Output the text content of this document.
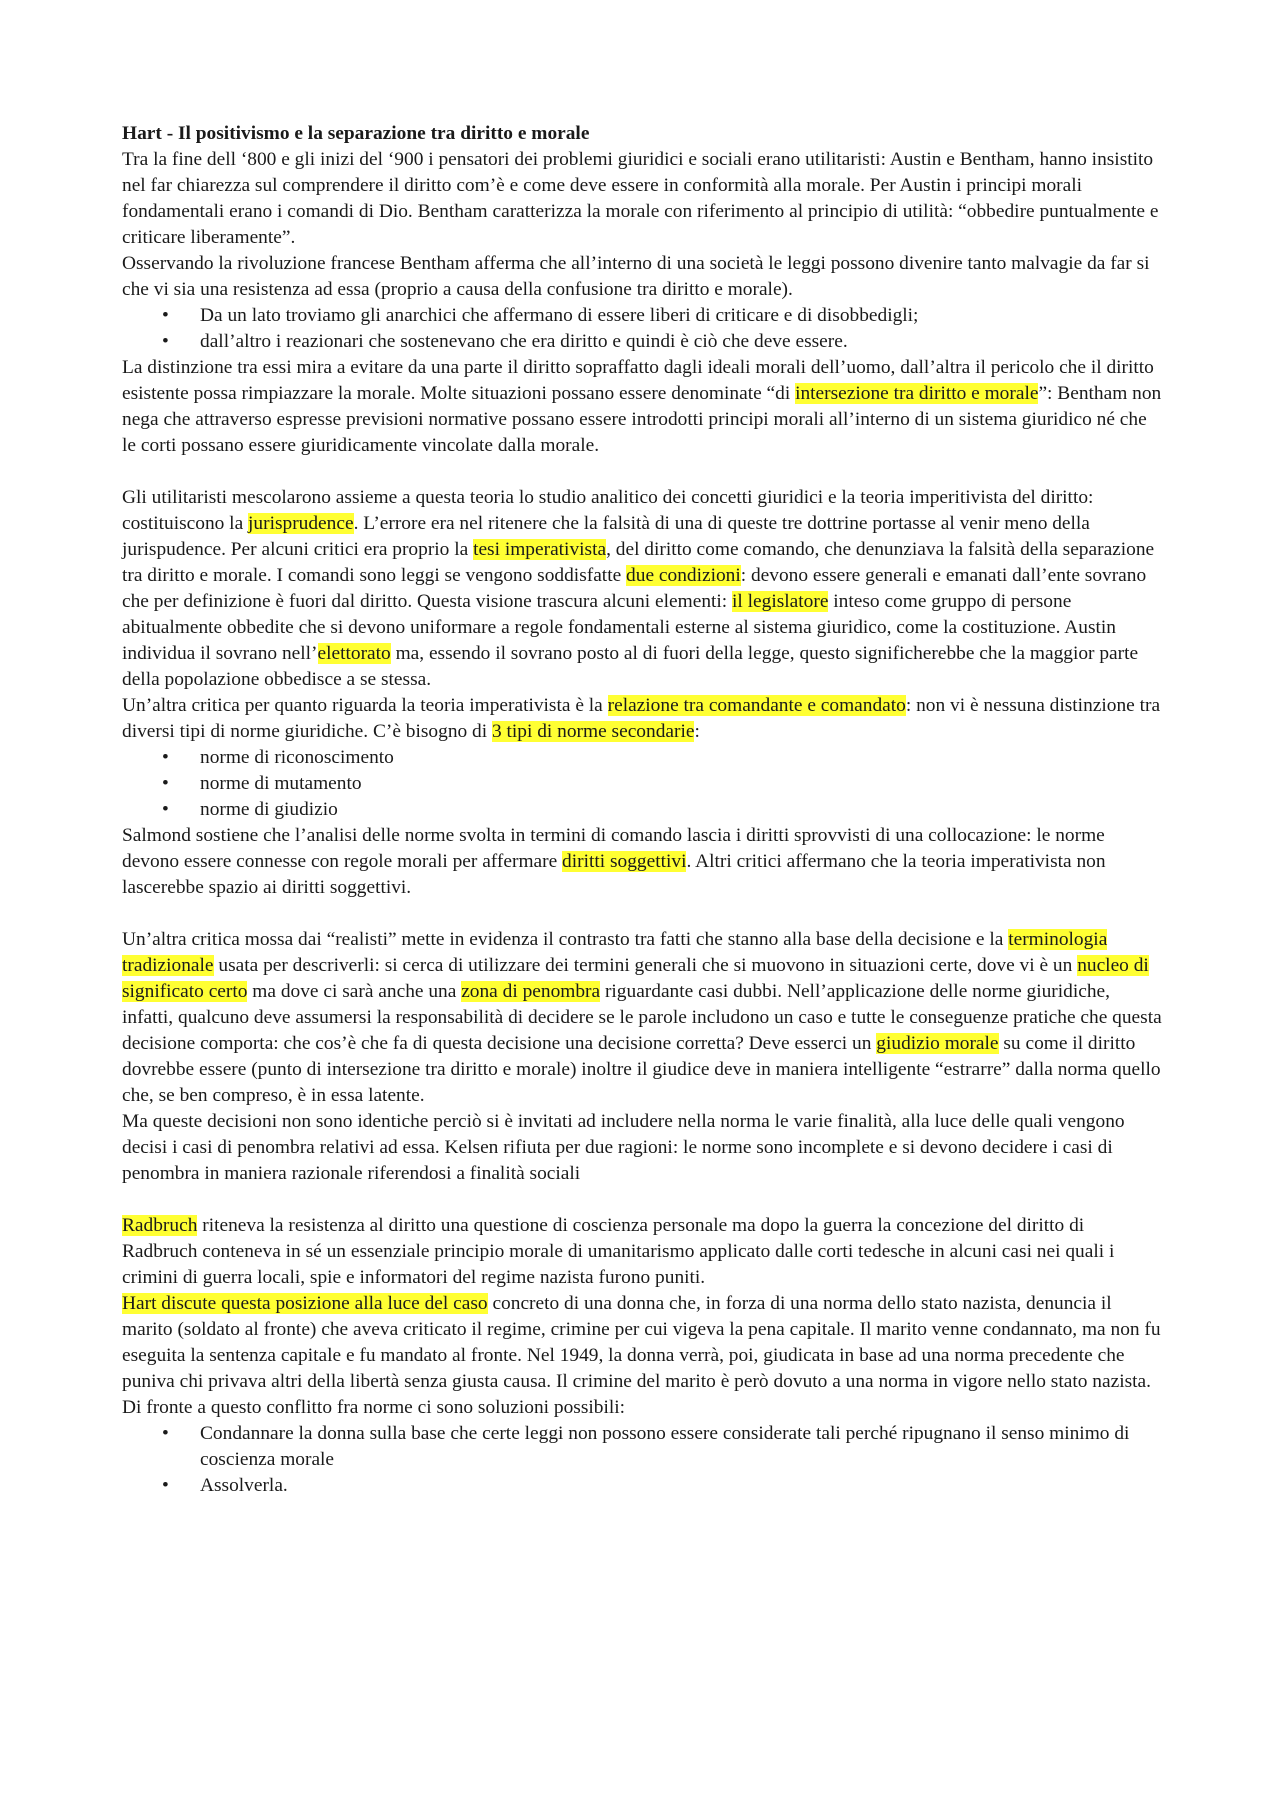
Hart - Il positivismo e la separazione tra diritto e morale

Tra la fine dell ‘800 e gli inizi del ‘900 i pensatori dei problemi giuridici e sociali erano utilitaristi: Austin e Bentham, hanno insistito nel far chiarezza sul comprendere il diritto com’è e come deve essere in conformità alla morale. Per Austin i principi morali fondamentali erano i comandi di Dio. Bentham caratterizza la morale con riferimento al principio di utilità: “obbedire puntualmente e criticare liberamente”.

Osservando la rivoluzione francese Bentham afferma che all’interno di una società le leggi possono divenire tanto malvagie da far si che vi sia una resistenza ad essa (proprio a causa della confusione tra diritto e morale).

• Da un lato troviamo gli anarchici che affermano di essere liberi di criticare e di disobbedigli;
• dall’altro i reazionari che sostenevano che era diritto e quindi è ciò che deve essere.

La distinzione tra essi mira a evitare da una parte il diritto sopraffatto dagli ideali morali dell’uomo, dall’altra il pericolo che il diritto esistente possa rimpiazzare la morale. Molte situazioni possano essere denominate “di intersezione tra diritto e morale”: Bentham non nega che attraverso espresse previsioni normative possano essere introdotti principi morali all’interno di un sistema giuridico né che le corti possano essere giuridicamente vincolate dalla morale.

Gli utilitaristi mescolarono assieme a questa teoria lo studio analitico dei concetti giuridici e la teoria imperitivista del diritto: costituiscono la jurisprudence. L’errore era nel ritenere che la falsità di una di queste tre dottrine portasse al venir meno della jurispudence. Per alcuni critici era proprio la tesi imperativista, del diritto come comando, che denunziava la falsità della separazione tra diritto e morale. I comandi sono leggi se vengono soddisfatte due condizioni: devono essere generali e emanati dall’ente sovrano che per definizione è fuori dal diritto. Questa visione trascura alcuni elementi: il legislatore inteso come gruppo di persone abitualmente obbedite che si devono uniformare a regole fondamentali esterne al sistema giuridico, come la costituzione. Austin individua il sovrano nell’elettorato ma, essendo il sovrano posto al di fuori della legge, questo significherebbe che la maggior parte della popolazione obbedisce a se stessa.

Un’altra critica per quanto riguarda la teoria imperativista è la relazione tra comandante e comandato: non vi è nessuna distinzione tra diversi tipi di norme giuridiche. C’è bisogno di 3 tipi di norme secondarie:

• norme di riconoscimento
• norme di mutamento
• norme di giudizio

Salmond sostiene che l’analisi delle norme svolta in termini di comando lascia i diritti sprovvisti di una collocazione: le norme devono essere connesse con regole morali per affermare diritti soggettivi. Altri critici affermano che la teoria imperativista non lascerebbe spazio ai diritti soggettivi.

Un’altra critica mossa dai “realisti” mette in evidenza il contrasto tra fatti che stanno alla base della decisione e la terminologia tradizionale usata per descriverli: si cerca di utilizzare dei termini generali che si muovono in situazioni certe, dove vi è un nucleo di significato certo ma dove ci sarà anche una zona di penombra riguardante casi dubbi. Nell’applicazione delle norme giuridiche, infatti, qualcuno deve assumersi la responsabilità di decidere se le parole includono un caso e tutte le conseguenze pratiche che questa decisione comporta: che cos’è che fa di questa decisione una decisione corretta? Deve esserci un giudizio morale su come il diritto dovrebbe essere (punto di intersezione tra diritto e morale) inoltre il giudice deve in maniera intelligente “estrarre” dalla norma quello che, se ben compreso, è in essa latente.

Ma queste decisioni non sono identiche perciò si è invitati ad includere nella norma le varie finalità, alla luce delle quali vengono decisi i casi di penombra relativi ad essa. Kelsen rifiuta per due ragioni: le norme sono incomplete e si devono decidere i casi di penombra in maniera razionale riferendosi a finalità sociali

Radbruch riteneva la resistenza al diritto una questione di coscienza personale ma dopo la guerra la concezione del diritto di Radbruch conteneva in sé un essenziale principio morale di umanitarismo applicato dalle corti tedesche in alcuni casi nei quali i crimini di guerra locali, spie e informatori del regime nazista furono puniti.

Hart discute questa posizione alla luce del caso concreto di una donna che, in forza di una norma dello stato nazista, denuncia il marito (soldato al fronte) che aveva criticato il regime, crimine per cui vigeva la pena capitale. Il marito venne condannato, ma non fu eseguita la sentenza capitale e fu mandato al fronte. Nel 1949, la donna verrà, poi, giudicata in base ad una norma precedente che puniva chi privava altri della libertà senza giusta causa. Il crimine del marito è però dovuto a una norma in vigore nello stato nazista. Di fronte a questo conflitto fra norme ci sono soluzioni possibili:

• Condannare la donna sulla base che certe leggi non possono essere considerate tali perché ripugnano il senso minimo di coscienza morale
• Assolverla.
